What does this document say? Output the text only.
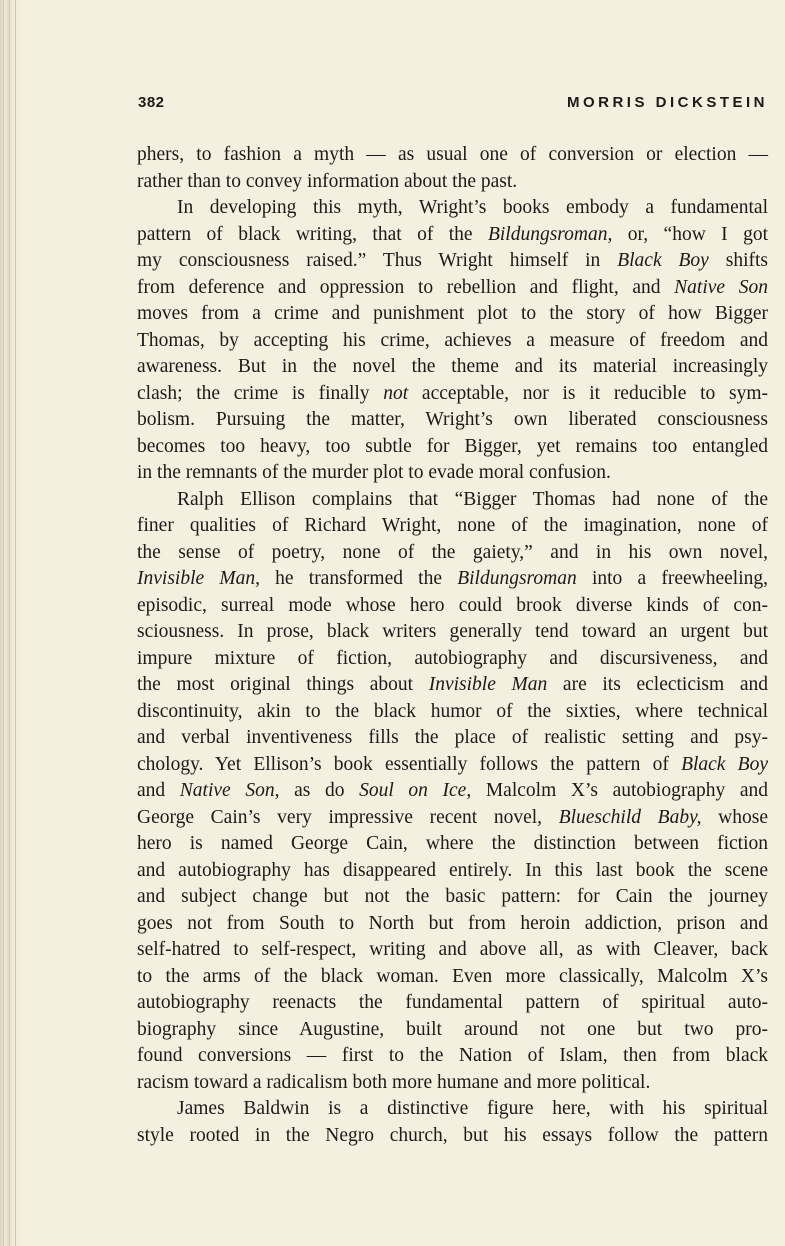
382	MORRIS DICKSTEIN
phers, to fashion a myth — as usual one of conversion or election —
rather than to convey information about the past.
In developing this myth, Wright’s books embody a fundamental
pattern of black writing, that of the Bildungsroman, or, “how I got
my consciousness raised.” Thus Wright himself in Black Boy shifts
from deference and oppression to rebellion and flight, and Native Son
moves from a crime and punishment plot to the story of how Bigger
Thomas, by accepting his crime, achieves a measure of freedom and
awareness. But in the novel the theme and its material increasingly
clash; the crime is finally not acceptable, nor is it reducible to sym-
bolism. Pursuing the matter, Wright’s own liberated consciousness
becomes too heavy, too subtle for Bigger, yet remains too entangled
in the remnants of the murder plot to evade moral confusion.
Ralph Ellison complains that “Bigger Thomas had none of the
finer qualities of Richard Wright, none of the imagination, none of
the sense of poetry, none of the gaiety,” and in his own novel,
Invisible Man, he transformed the Bildungsroman into a freewheeling,
episodic, surreal mode whose hero could brook diverse kinds of con-
sciousness. In prose, black writers generally tend toward an urgent but
impure mixture of fiction, autobiography and discursiveness, and
the most original things about Invisible Man are its eclecticism and
discontinuity, akin to the black humor of the sixties, where technical
and verbal inventiveness fills the place of realistic setting and psy-
chology. Yet Ellison’s book essentially follows the pattern of Black Boy
and Native Son, as do Soul on Ice, Malcolm X’s autobiography and
George Cain’s very impressive recent novel, Blueschild Baby, whose
hero is named George Cain, where the distinction between fiction
and autobiography has disappeared entirely. In this last book the scene
and subject change but not the basic pattern: for Cain the journey
goes not from South to North but from heroin addiction, prison and
self-hatred to self-respect, writing and above all, as with Cleaver, back
to the arms of the black woman. Even more classically, Malcolm X’s
autobiography reenacts the fundamental pattern of spiritual auto-
biography since Augustine, built around not one but two pro-
found conversions — first to the Nation of Islam, then from black
racism toward a radicalism both more humane and more political.
James Baldwin is a distinctive figure here, with his spiritual
style rooted in the Negro church, but his essays follow the pattern
